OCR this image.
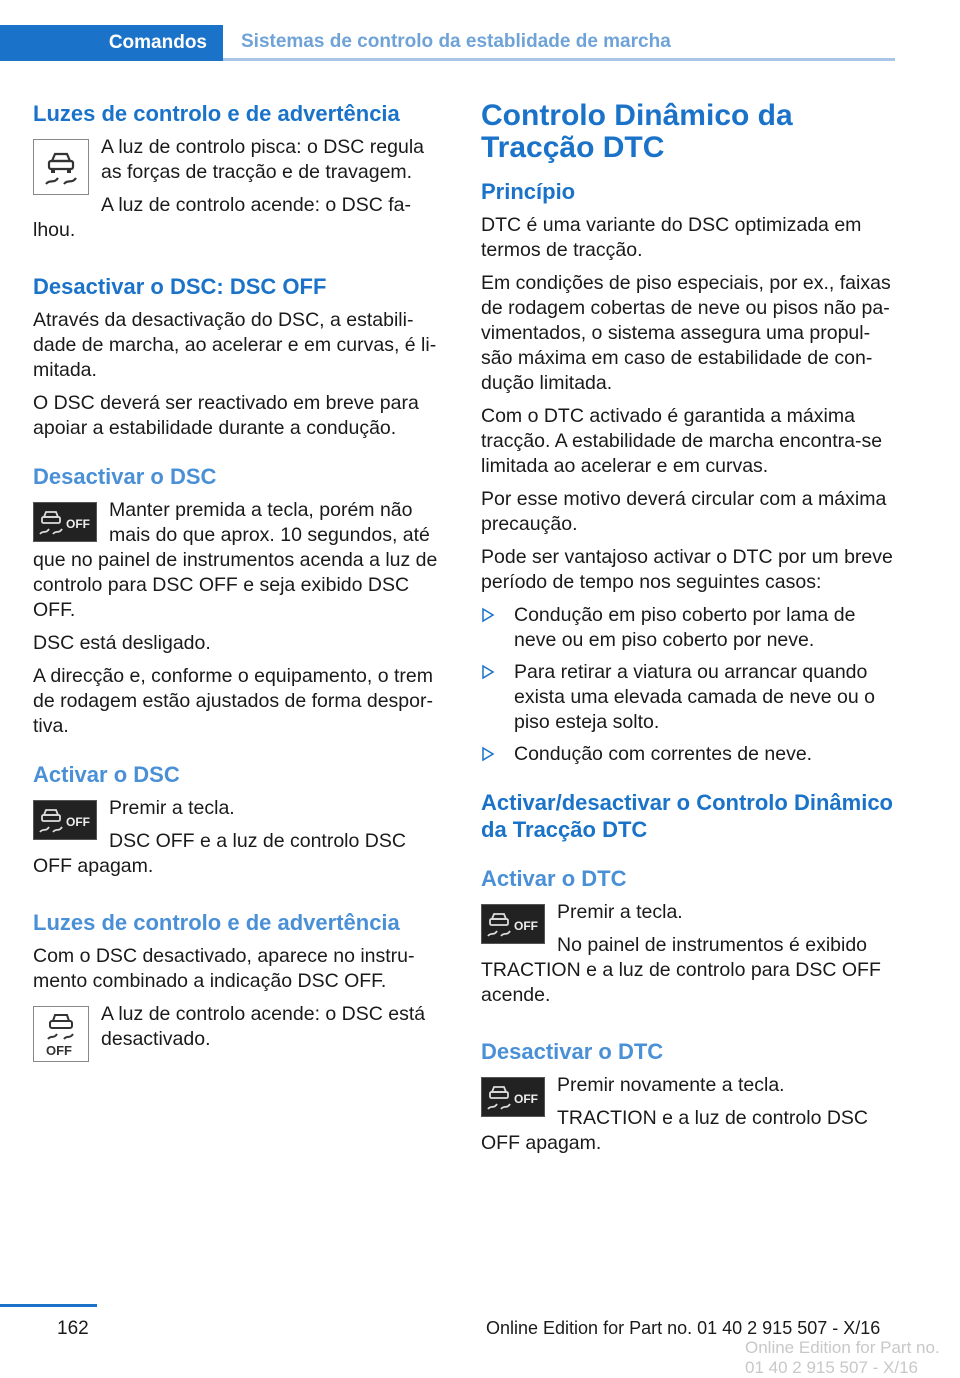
Comandos	Sistemas de controlo da establidade de marcha
Luzes de controlo e de advertência

A luz de controlo pisca: o DSC regula as forças de tracção e de travagem.

A luz de controlo acende: o DSC falhou.

Desactivar o DSC: DSC OFF

Através da desactivação do DSC, a estabilidade de marcha, ao acelerar e em curvas, é limitada.

O DSC deverá ser reactivado em breve para apoiar a estabilidade durante a condução.

Desactivar o DSC
OFF

Manter premida a tecla, porém não mais do que aprox. 10 segundos, até que no painel de instrumentos acenda a luz de controlo para DSC OFF e seja exibido DSC OFF.

DSC está desligado.

A direcção e, conforme o equipamento, o trem de rodagem estão ajustados de forma desportiva.

Activar o DSC
OFF

Premir a tecla.

DSC OFF e a luz de controlo DSC OFF apagam.

Luzes de controlo e de advertência

Com o DSC desactivado, aparece no instrumento combinado a indicação DSC OFF.

OFF

A luz de controlo acende: o DSC está desactivado.

Controlo Dinâmico da Tracção DTC
Princípio

DTC é uma variante do DSC optimizada em termos de tracção.

Em condições de piso especiais, por ex., faixas de rodagem cobertas de neve ou pisos não pavimentados, o sistema assegura uma propulsão máxima em caso de estabilidade de condução limitada.

Com o DTC activado é garantida a máxima tracção. A estabilidade de marcha encontra-se limitada ao acelerar e em curvas.

Por esse motivo deverá circular com a máxima precaução.

Pode ser vantajoso activar o DTC por um breve período de tempo nos seguintes casos:

Condução em piso coberto por lama de neve ou em piso coberto por neve.
Para retirar a viatura ou arrancar quando exista uma elevada camada de neve ou o piso esteja solto.
Condução com correntes de neve.
Activar/desactivar o Controlo Dinâmico da Tracção DTC
Activar o DTC
OFF

Premir a tecla.

No painel de instrumentos é exibido TRACTION e a luz de controlo para DSC OFF acende.

Desactivar o DTC
OFF

Premir novamente a tecla.

TRACTION e a luz de controlo DSC OFF apagam.

162	Online Edition for Part no. 01 40 2 915 507 - X/16
Online Edition for Part no. 01 40 2 915 507 - X/16
